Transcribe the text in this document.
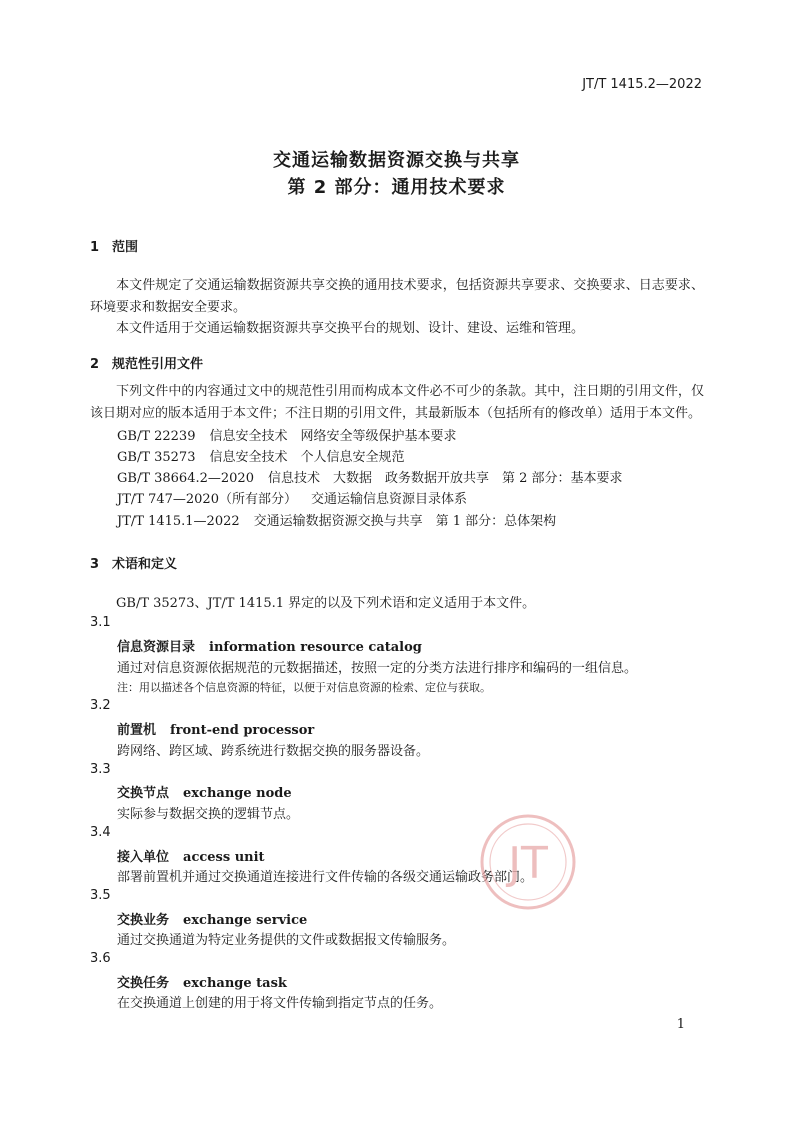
JT/T 1415.2—2022
交通运输数据资源交换与共享
第 2 部分：通用技术要求
1 范围
本文件规定了交通运输数据资源共享交换的通用技术要求，包括资源共享要求、交换要求、日志要求、环境要求和数据安全要求。
本文件适用于交通运输数据资源共享交换平台的规划、设计、建设、运维和管理。
2 规范性引用文件
下列文件中的内容通过文中的规范性引用而构成本文件必不可少的条款。其中，注日期的引用文件，仅该日期对应的版本适用于本文件；不注日期的引用文件，其最新版本（包括所有的修改单）适用于本文件。
GB/T 22239 信息安全技术　网络安全等级保护基本要求
GB/T 35273 信息安全技术　个人信息安全规范
GB/T 38664.2—2020 信息技术　大数据　政务数据开放共享　第 2 部分：基本要求
JT/T 747—2020（所有部分） 交通运输信息资源目录体系
JT/T 1415.1—2022 交通运输数据资源交换与共享　第 1 部分：总体架构
3 术语和定义
GB/T 35273、JT/T 1415.1 界定的以及下列术语和定义适用于本文件。
3.1
信息资源目录 information resource catalog
通过对信息资源依据规范的元数据描述，按照一定的分类方法进行排序和编码的一组信息。
注：用以描述各个信息资源的特征，以便于对信息资源的检索、定位与获取。
3.2
前置机 front-end processor
跨网络、跨区域、跨系统进行数据交换的服务器设备。
3.3
交换节点 exchange node
实际参与数据交换的逻辑节点。
3.4
接入单位 access unit
部署前置机并通过交换通道连接进行文件传输的各级交通运输政务部门。
3.5
交换业务 exchange service
通过交换通道为特定业务提供的文件或数据报文传输服务。
3.6
交换任务 exchange task
在交换通道上创建的用于将文件传输到指定节点的任务。
JT
1
